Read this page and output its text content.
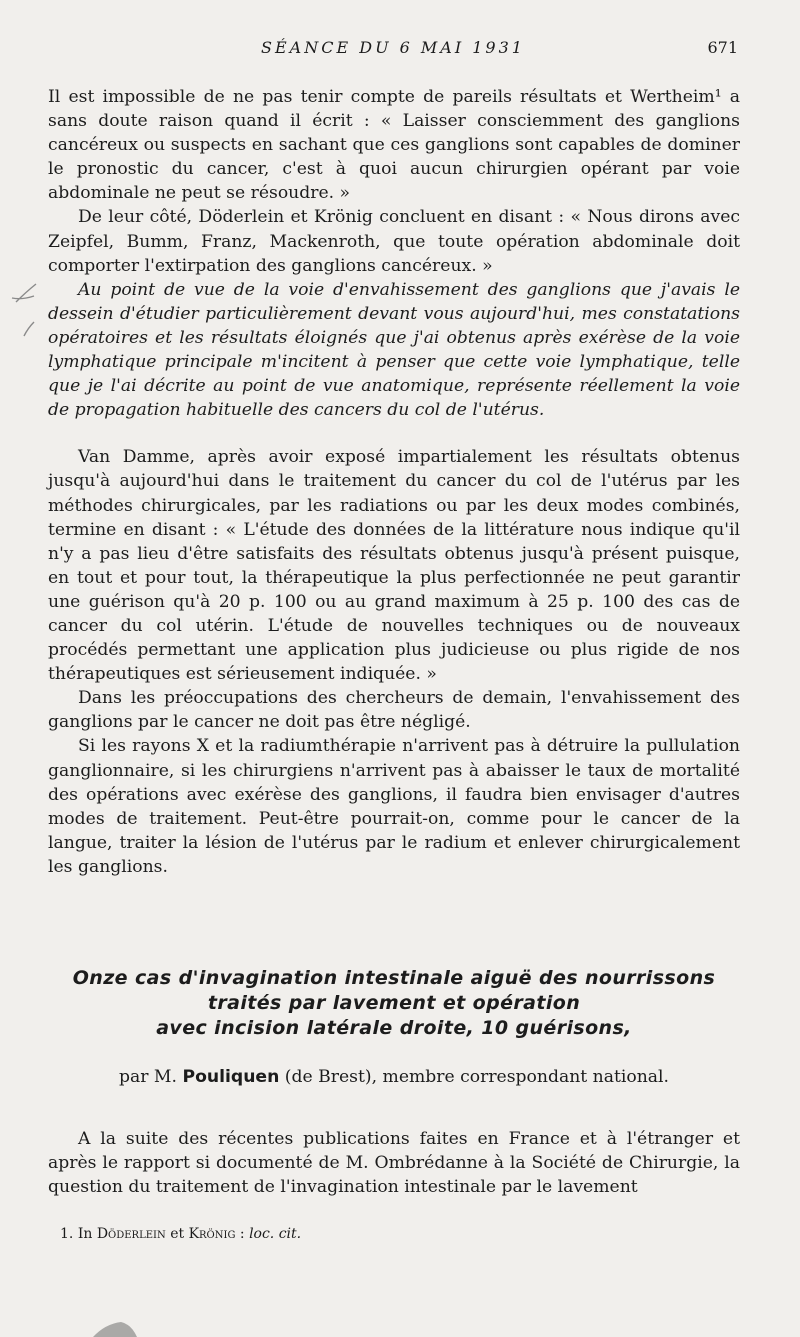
SÉANCE DU 6 MAI 1931	671

Il est impossible de ne pas tenir compte de pareils résultats et Wertheim¹ a sans doute raison quand il écrit : « Laisser consciemment des ganglions cancéreux ou suspects en sachant que ces ganglions sont capables de dominer le pronostic du cancer, c'est à quoi aucun chirurgien opérant par voie abdominale ne peut se résoudre. »

De leur côté, Döderlein et Krönig concluent en disant : « Nous dirons avec Zeipfel, Bumm, Franz, Mackenroth, que toute opération abdominale doit comporter l'extirpation des ganglions cancéreux. »

Au point de vue de la voie d'envahissement des ganglions que j'avais le dessein d'étudier particulièrement devant vous aujourd'hui, mes constatations opératoires et les résultats éloignés que j'ai obtenus après exérèse de la voie lymphatique principale m'incitent à penser que cette voie lymphatique, telle que je l'ai décrite au point de vue anatomique, représente réellement la voie de propagation habituelle des cancers du col de l'utérus.

Van Damme, après avoir exposé impartialement les résultats obtenus jusqu'à aujourd'hui dans le traitement du cancer du col de l'utérus par les méthodes chirurgicales, par les radiations ou par les deux modes combinés, termine en disant : « L'étude des données de la littérature nous indique qu'il n'y a pas lieu d'être satisfaits des résultats obtenus jusqu'à présent puisque, en tout et pour tout, la thérapeutique la plus perfectionnée ne peut garantir une guérison qu'à 20 p. 100 ou au grand maximum à 25 p. 100 des cas de cancer du col utérin. L'étude de nouvelles techniques ou de nouveaux procédés permettant une application plus judicieuse ou plus rigide de nos thérapeutiques est sérieusement indiquée. »

Dans les préoccupations des chercheurs de demain, l'envahissement des ganglions par le cancer ne doit pas être négligé.

Si les rayons X et la radiumthérapie n'arrivent pas à détruire la pullulation ganglionnaire, si les chirurgiens n'arrivent pas à abaisser le taux de mortalité des opérations avec exérèse des ganglions, il faudra bien envisager d'autres modes de traitement. Peut-être pourrait-on, comme pour le cancer de la langue, traiter la lésion de l'utérus par le radium et enlever chirurgicalement les ganglions.

Onze cas d'invagination intestinale aiguë des nourrissons
traités par lavement et opération
avec incision latérale droite, 10 guérisons,
par M. Pouliquen (de Brest), membre correspondant national.

A la suite des récentes publications faites en France et à l'étranger et après le rapport si documenté de M. Ombrédanne à la Société de Chirurgie, la question du traitement de l'invagination intestinale par le lavement

1. In Döderlein et Krönig : loc. cit.
